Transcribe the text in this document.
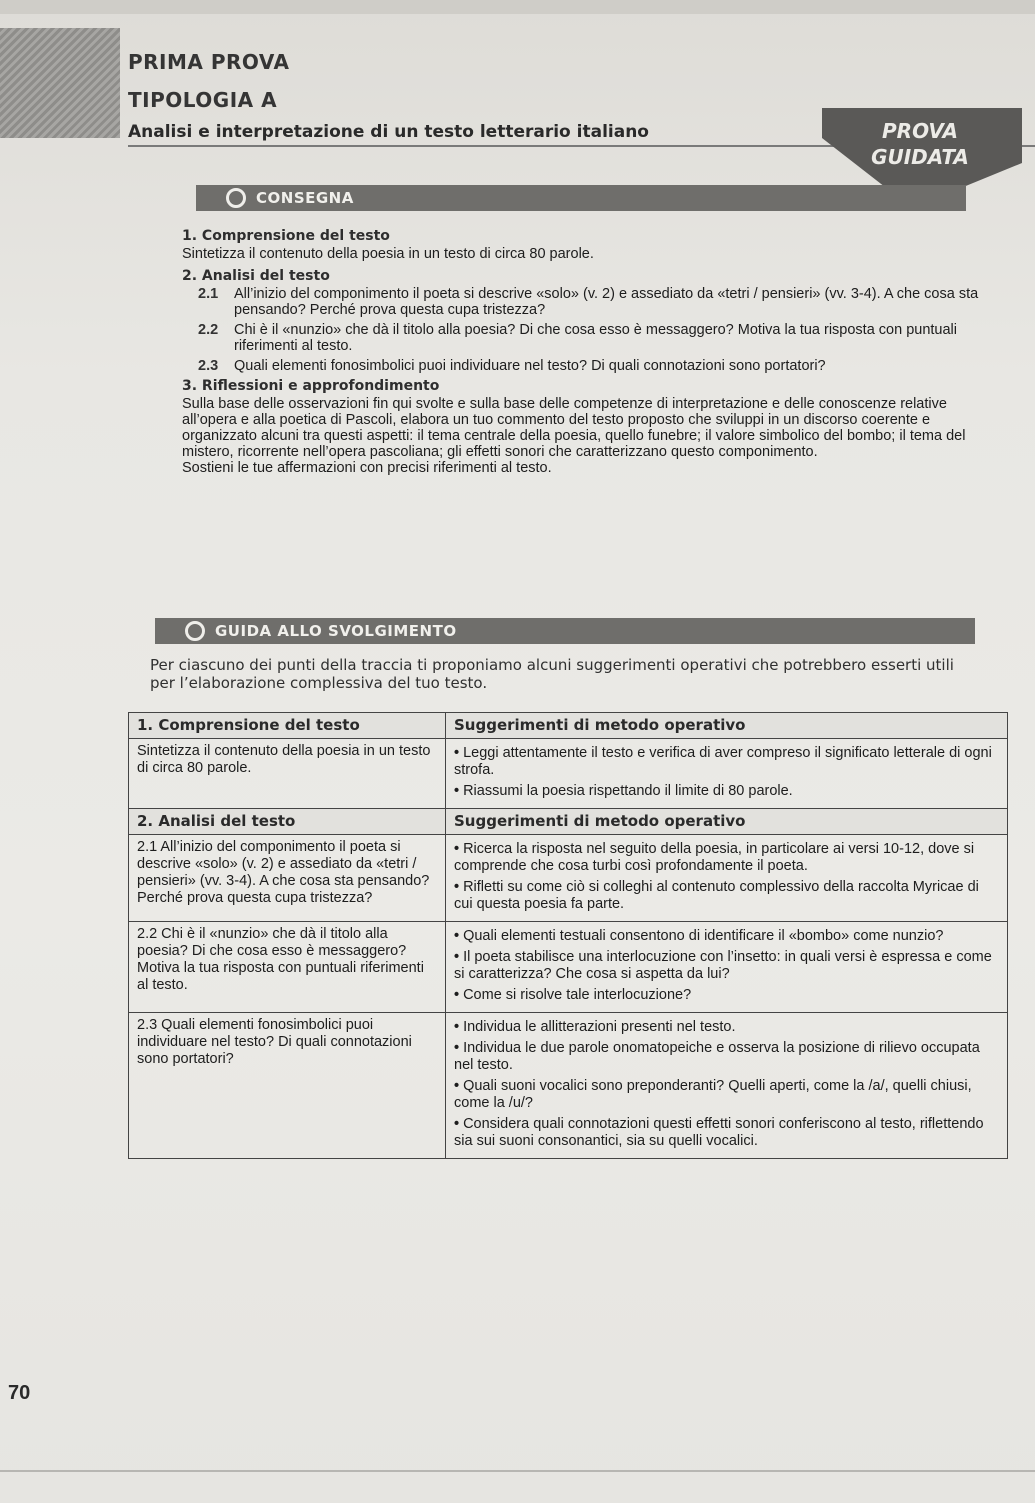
PRIMA PROVA
TIPOLOGIA A
Analisi e interpretazione di un testo letterario italiano	PROVA
GUIDATA
CONSEGNA
1. Comprensione del testo
Sintetizza il contenuto della poesia in un testo di circa 80 parole.
2. Analisi del testo
2.1	All’inizio del componimento il poeta si descrive «solo» (v. 2) e assediato da «tetri / pensieri» (vv. 3-4). A che cosa sta pensando? Perché prova questa cupa tristezza?
2.2	Chi è il «nunzio» che dà il titolo alla poesia? Di che cosa esso è messaggero? Motiva la tua risposta con puntuali riferimenti al testo.
2.3	Quali elementi fonosimbolici puoi individuare nel testo? Di quali connotazioni sono portatori?
3. Riflessioni e approfondimento
Sulla base delle osservazioni fin qui svolte e sulla base delle competenze di interpretazione e delle conoscenze relative all’opera e alla poetica di Pascoli, elabora un tuo commento del testo proposto che sviluppi in un discorso coerente e organizzato alcuni tra questi aspetti: il tema centrale della poesia, quello funebre; il valore simbolico del bombo; il tema del mistero, ricorrente nell’opera pascoliana; gli effetti sonori che caratterizzano questo componimento.
Sostieni le tue affermazioni con precisi riferimenti al testo.
GUIDA ALLO SVOLGIMENTO
Per ciascuno dei punti della traccia ti proponiamo alcuni suggerimenti operativi che potrebbero esserti utili per l’elaborazione complessiva del tuo testo.
1. Comprensione del testo	Suggerimenti di metodo operativo
Sintetizza il contenuto della poesia in un testo di circa 80 parole.	• Leggi attentamente il testo e verifica di aver compreso il significato letterale di ogni strofa.
• Riassumi la poesia rispettando il limite di 80 parole.

2. Analisi del testo	Suggerimenti di metodo operativo
2.1 All’inizio del componimento il poeta si descrive «solo» (v. 2) e assediato da «tetri / pensieri» (vv. 3-4). A che cosa sta pensando? Perché prova questa cupa tristezza?	• Ricerca la risposta nel seguito della poesia, in particolare ai versi 10-12, dove si comprende che cosa turbi così profondamente il poeta.
• Rifletti su come ciò si colleghi al contenuto complessivo della raccolta Myricae di cui questa poesia fa parte.

2.2 Chi è il «nunzio» che dà il titolo alla poesia? Di che cosa esso è messaggero? Motiva la tua risposta con puntuali riferimenti al testo.	• Quali elementi testuali consentono di identificare il «bombo» come nunzio?
• Il poeta stabilisce una interlocuzione con l’insetto: in quali versi è espressa e come si caratterizza? Che cosa si aspetta da lui?
• Come si risolve tale interlocuzione?

2.3 Quali elementi fonosimbolici puoi individuare nel testo? Di quali connotazioni sono portatori?	• Individua le allitterazioni presenti nel testo.
• Individua le due parole onomatopeiche e osserva la posizione di rilievo occupata nel testo.
• Quali suoni vocalici sono preponderanti? Quelli aperti, come la /a/, quelli chiusi, come la /u/?
• Considera quali connotazioni questi effetti sonori conferiscono al testo, riflettendo sia sui suoni consonantici, sia su quelli vocalici.
70
